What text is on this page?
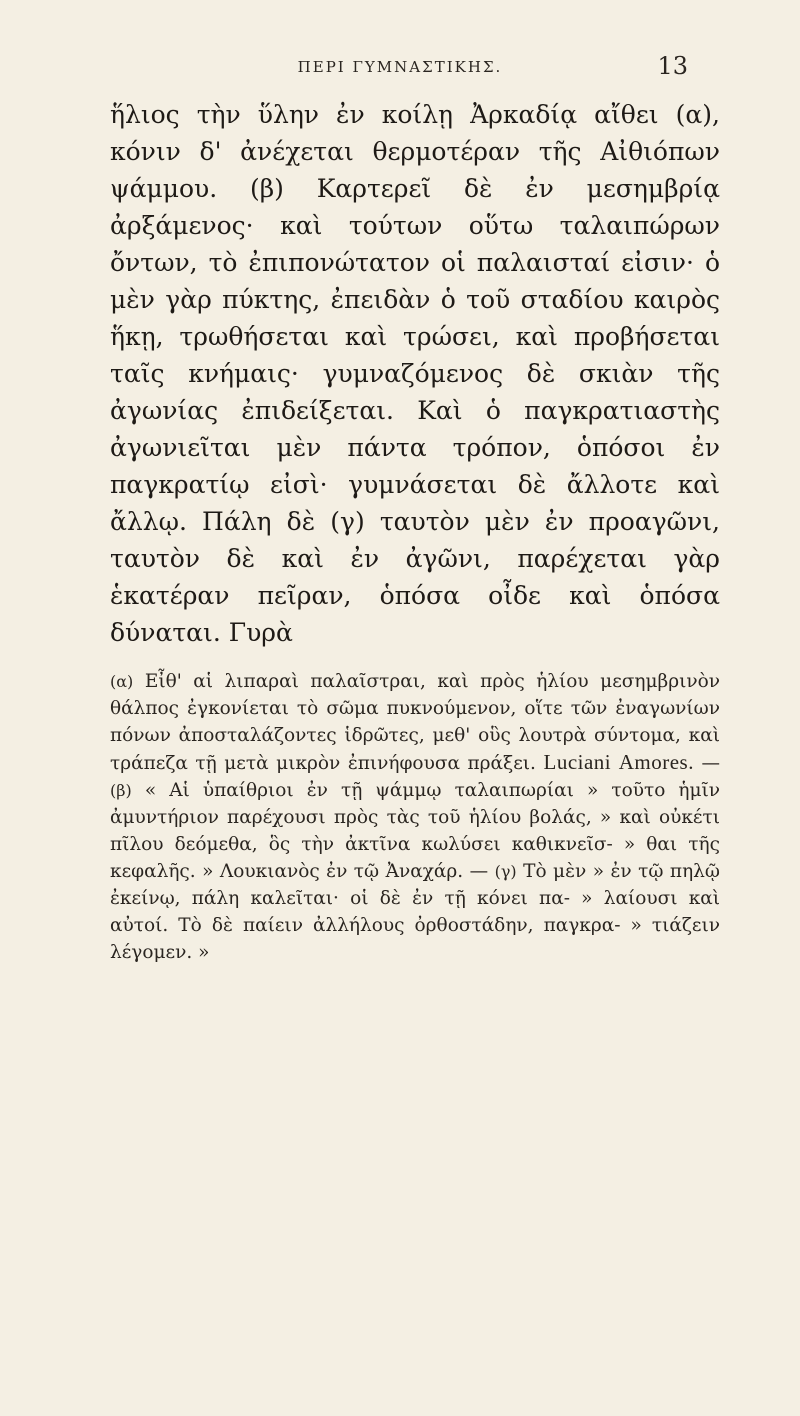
ΠΕΡΙ ΓΥΜΝΑΣΤΙΚΗΣ.	13

ἥλιος τὴν ὕλην ἐν κοίλῃ Ἀρκαδίᾳ αἴθει (α), κόνιν δ' ἀνέχεται θερμοτέραν τῆς Αἰθιόπων ψάμμου. (β) Καρτερεῖ δὲ ἐν μεσημβρίᾳ ἀρξάμενος· καὶ τούτων οὕτω ταλαιπώρων ὄντων, τὸ ἐπιπονώτατον οἱ παλαισταί εἰσιν· ὁ μὲν γὰρ πύκτης, ἐπειδὰν ὁ τοῦ σταδίου καιρὸς ἥκῃ, τρωθήσεται καὶ τρώσει, καὶ προβήσεται ταῖς κνήμαις· γυμναζόμενος δὲ σκιὰν τῆς ἀγωνίας ἐπιδείξεται. Καὶ ὁ παγκρατιαστὴς ἀγωνιεῖται μὲν πάντα τρόπον, ὁπόσοι ἐν παγκρατίῳ εἰσὶ· γυμνάσεται δὲ ἄλλοτε καὶ ἄλλῳ. Πάλη δὲ (γ) ταυτὸν μὲν ἐν προαγῶνι, ταυτὸν δὲ καὶ ἐν ἀγῶνι, παρέχεται γὰρ ἑκατέραν πεῖραν, ὁπόσα οἶδε καὶ ὁπόσα δύναται. Γυρὰ

(α) Εἶθ' αἱ λιπαραὶ παλαῖστραι, καὶ πρὸς ἡλίου μεσημβρινὸν θάλπος ἐγκονίεται τὸ σῶμα πυκνούμενον, οἵτε τῶν ἐναγωνίων πόνων ἀποσταλάζοντες ἱδρῶτες, μεθ' οὓς λουτρὰ σύντομα, καὶ τράπεζα τῇ μετὰ μικρὸν ἐπινήφουσα πράξει. Luciani Amores. — (β) « Αἱ ὑπαίθριοι ἐν τῇ ψάμμῳ ταλαιπωρίαι » τοῦτο ἡμῖν ἀμυντήριον παρέχουσι πρὸς τὰς τοῦ ἡλίου βολάς, » καὶ οὐκέτι πῖλου δεόμεθα, ὃς τὴν ἀκτῖνα κωλύσει καθικνεῖσ- » θαι τῆς κεφαλῆς. » Λουκιανὸς ἐν τῷ Ἀναχάρ. — (γ) Τὸ μὲν » ἐν τῷ πηλῷ ἐκείνῳ, πάλη καλεῖται· οἱ δὲ ἐν τῇ κόνει πα- » λαίουσι καὶ αὐτοί. Τὸ δὲ παίειν ἀλλήλους ὀρθοστάδην, παγκρα- » τιάζειν λέγομεν. »
